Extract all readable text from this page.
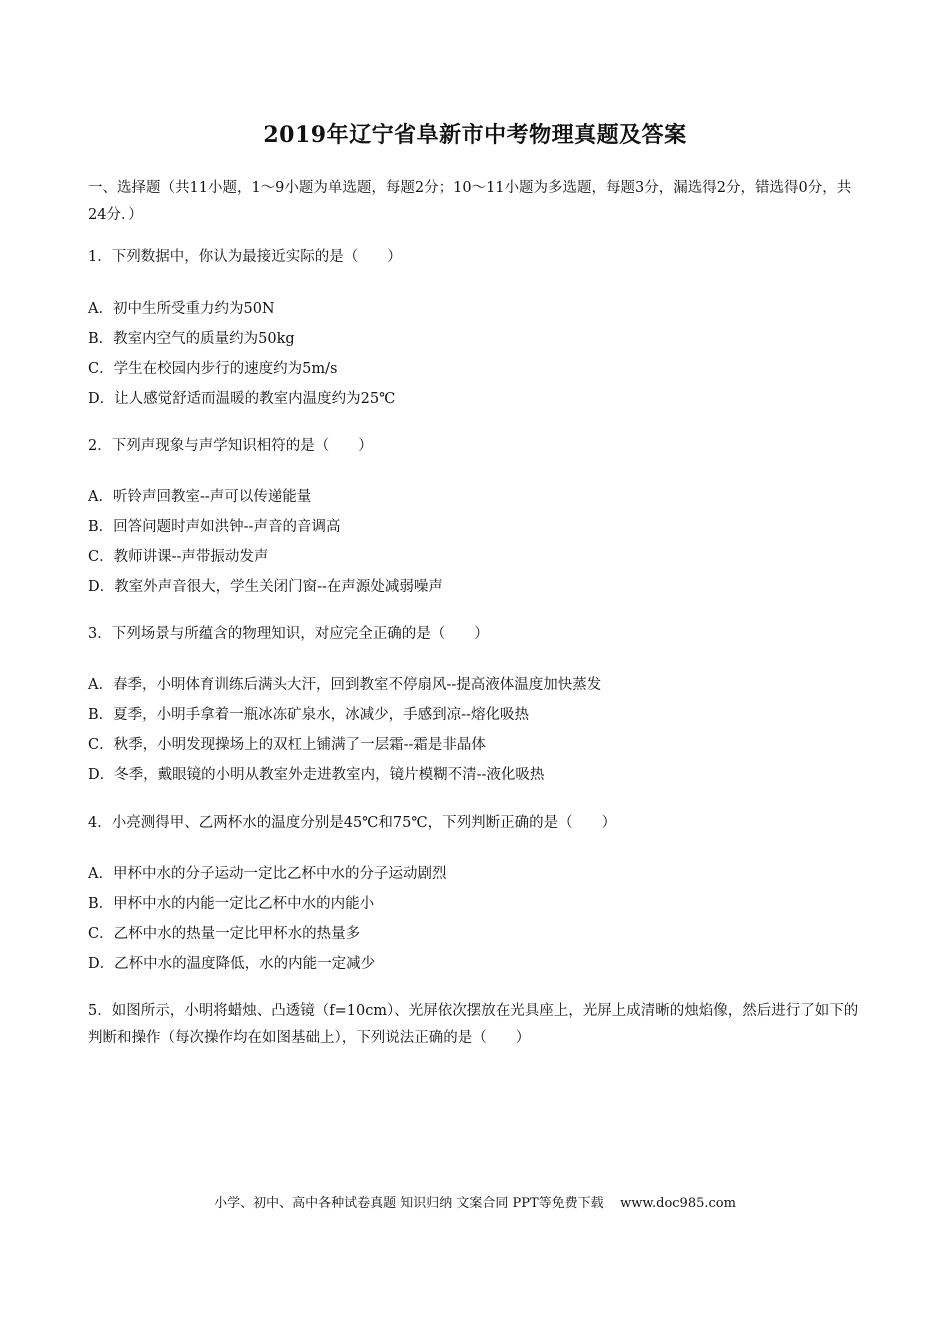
2019年辽宁省阜新市中考物理真题及答案
一、选择题（共11小题，1～9小题为单选题，每题2分；10～11小题为多选题，每题3分，漏选得2分，错选得0分，共24分．）
1．下列数据中，你认为最接近实际的是（　　）
A．初中生所受重力约为50N
B．教室内空气的质量约为50kg
C．学生在校园内步行的速度约为5m/s
D．让人感觉舒适而温暖的教室内温度约为25℃
2．下列声现象与声学知识相符的是（　　）
A．听铃声回教室--声可以传递能量
B．回答问题时声如洪钟--声音的音调高
C．教师讲课--声带振动发声
D．教室外声音很大，学生关闭门窗--在声源处减弱噪声
3．下列场景与所蕴含的物理知识，对应完全正确的是（　　）
A．春季，小明体育训练后满头大汗，回到教室不停扇风--提高液体温度加快蒸发
B．夏季，小明手拿着一瓶冰冻矿泉水，冰减少，手感到凉--熔化吸热
C．秋季，小明发现操场上的双杠上铺满了一层霜--霜是非晶体
D．冬季，戴眼镜的小明从教室外走进教室内，镜片模糊不清--液化吸热
4．小亮测得甲、乙两杯水的温度分别是45℃和75℃，下列判断正确的是（　　）
A．甲杯中水的分子运动一定比乙杯中水的分子运动剧烈
B．甲杯中水的内能一定比乙杯中水的内能小
C．乙杯中水的热量一定比甲杯水的热量多
D．乙杯中水的温度降低，水的内能一定减少
5．如图所示，小明将蜡烛、凸透镜（f=10cm）、光屏依次摆放在光具座上，光屏上成清晰的烛焰像，然后进行了如下的判断和操作（每次操作均在如图基础上），下列说法正确的是（　　）
小学、初中、高中各种试卷真题 知识归纳 文案合同 PPT等免费下载    www.doc985.com
